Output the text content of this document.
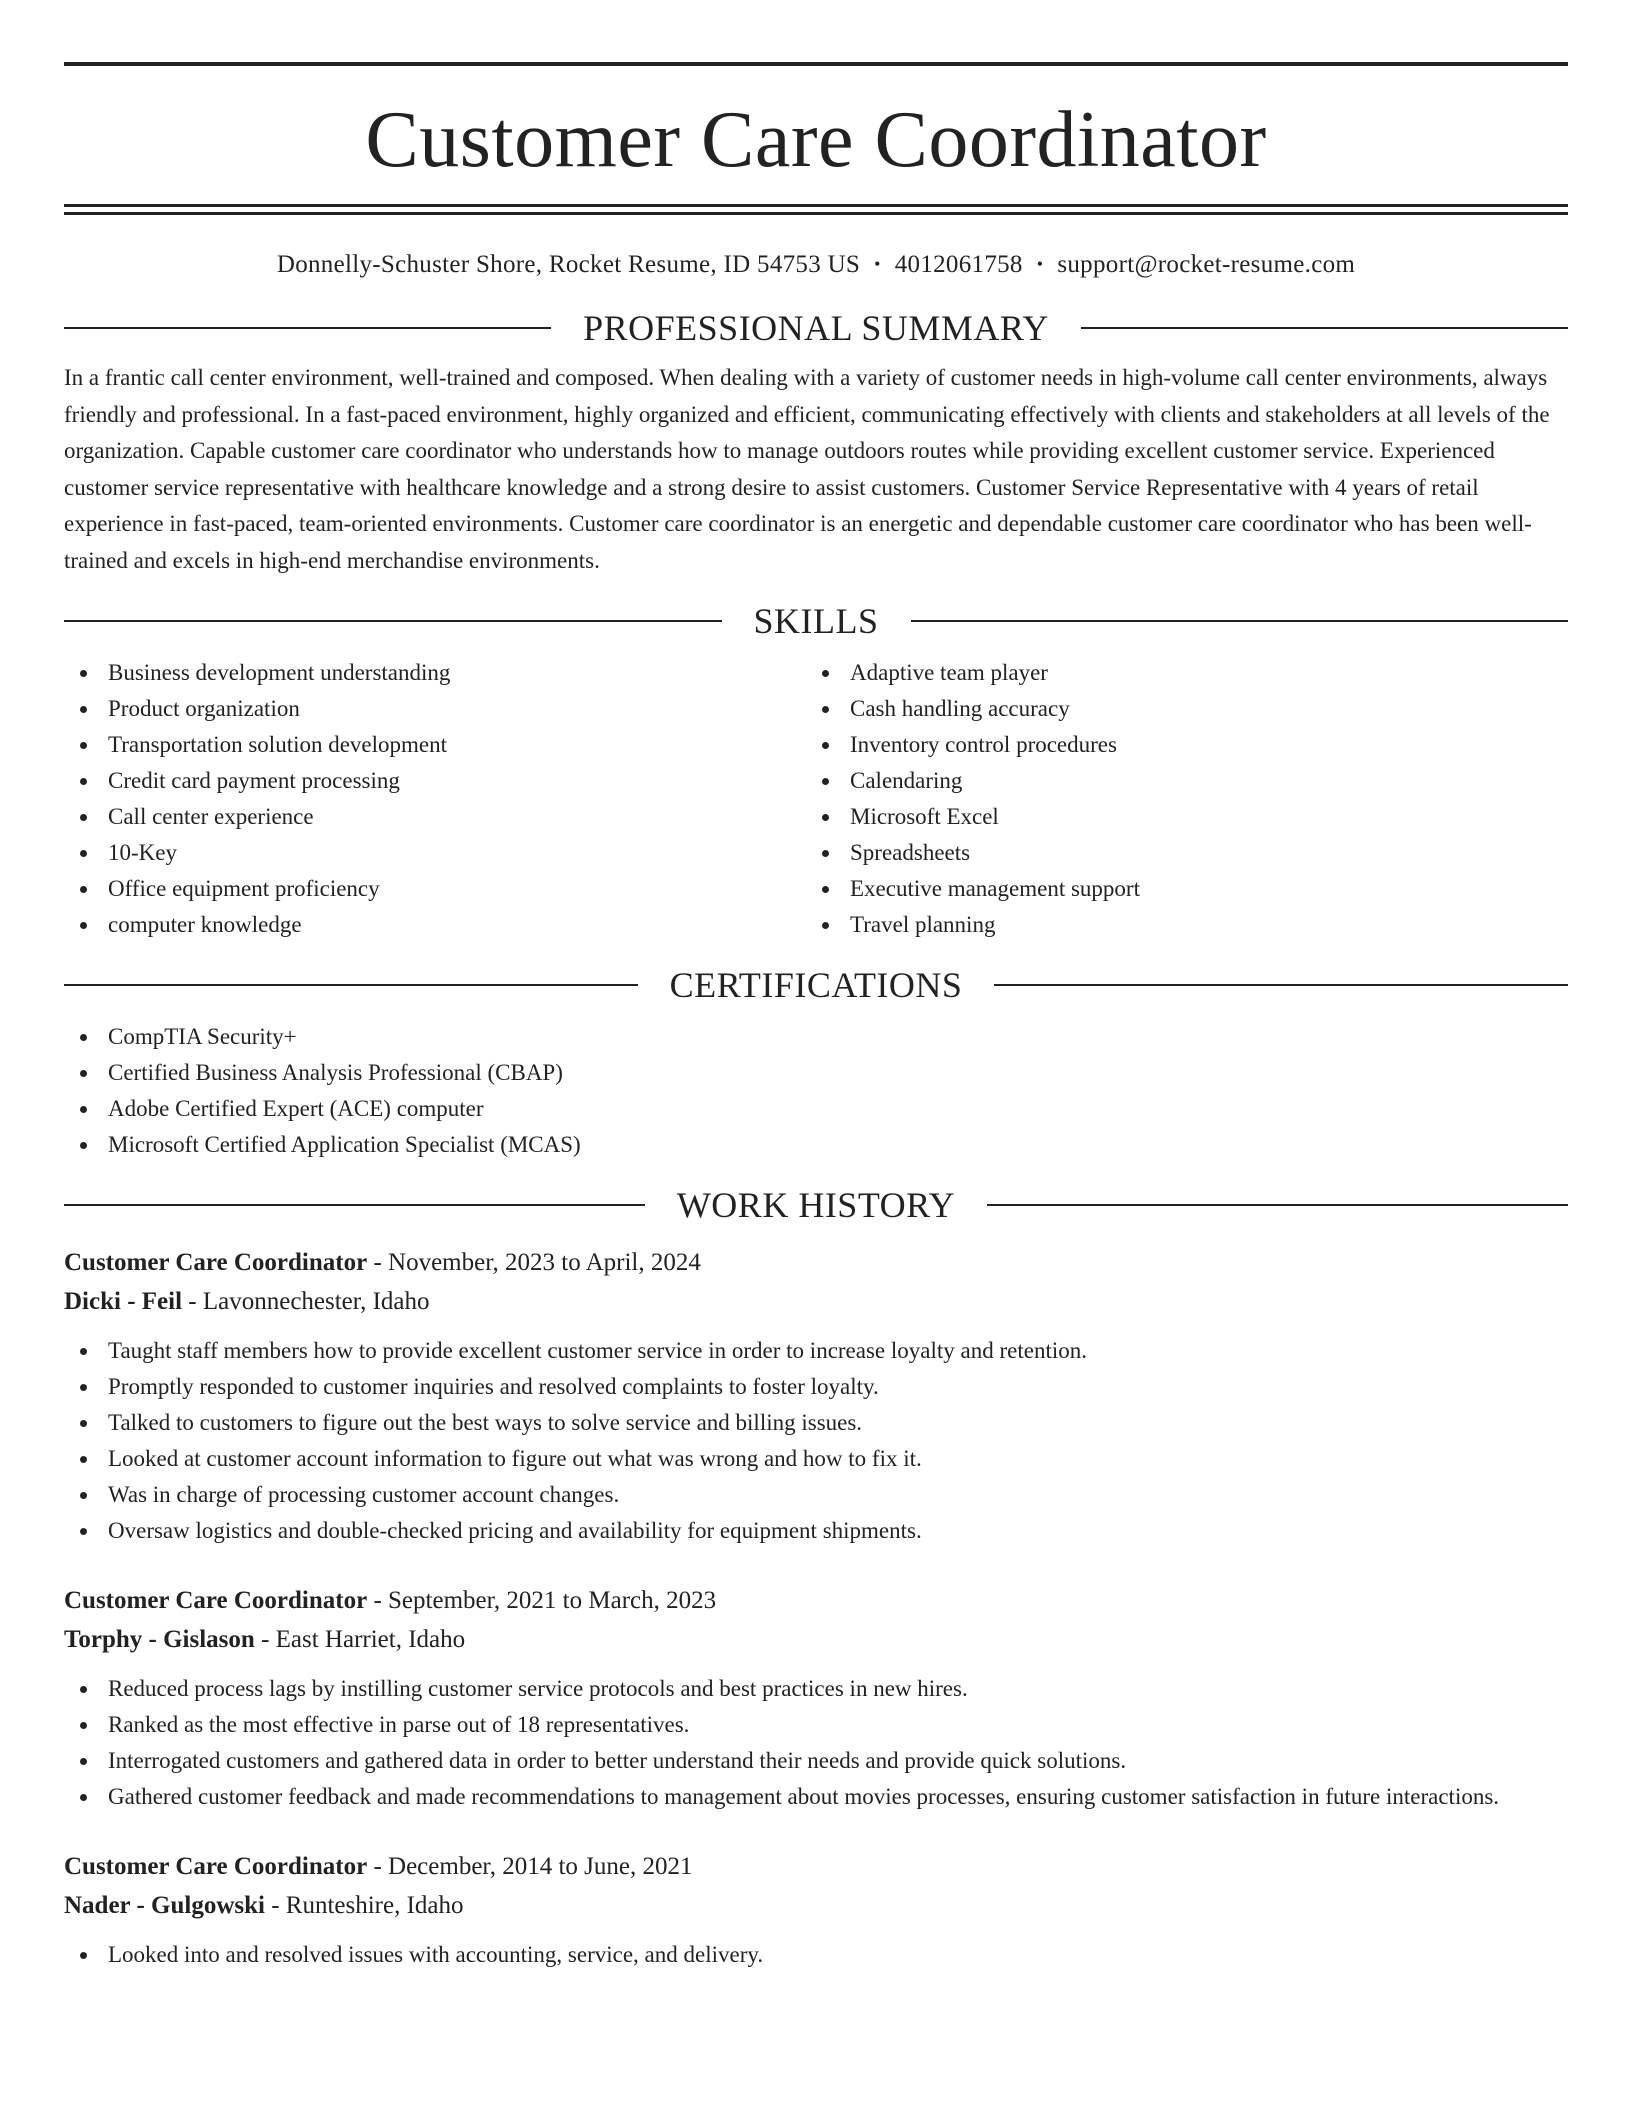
Customer Care Coordinator
Donnelly-Schuster Shore, Rocket Resume, ID 54753 US • 4012061758 • support@rocket-resume.com
PROFESSIONAL SUMMARY

In a frantic call center environment, well-trained and composed. When dealing with a variety of customer needs in high-volume call center environments, always friendly and professional. In a fast-paced environment, highly organized and efficient, communicating effectively with clients and stakeholders at all levels of the organization. Capable customer care coordinator who understands how to manage outdoors routes while providing excellent customer service. Experienced customer service representative with healthcare knowledge and a strong desire to assist customers. Customer Service Representative with 4 years of retail experience in fast-paced, team-oriented environments. Customer care coordinator is an energetic and dependable customer care coordinator who has been well-trained and excels in high-end merchandise environments.

SKILLS
Business development understanding
Product organization
Transportation solution development
Credit card payment processing
Call center experience
10-Key
Office equipment proficiency
computer knowledge
Adaptive team player
Cash handling accuracy
Inventory control procedures
Calendaring
Microsoft Excel
Spreadsheets
Executive management support
Travel planning
CERTIFICATIONS
CompTIA Security+
Certified Business Analysis Professional (CBAP)
Adobe Certified Expert (ACE) computer
Microsoft Certified Application Specialist (MCAS)
WORK HISTORY
Customer Care Coordinator - November, 2023 to April, 2024
Dicki - Feil - Lavonnechester, Idaho
Taught staff members how to provide excellent customer service in order to increase loyalty and retention.
Promptly responded to customer inquiries and resolved complaints to foster loyalty.
Talked to customers to figure out the best ways to solve service and billing issues.
Looked at customer account information to figure out what was wrong and how to fix it.
Was in charge of processing customer account changes.
Oversaw logistics and double-checked pricing and availability for equipment shipments.
Customer Care Coordinator - September, 2021 to March, 2023
Torphy - Gislason - East Harriet, Idaho
Reduced process lags by instilling customer service protocols and best practices in new hires.
Ranked as the most effective in parse out of 18 representatives.
Interrogated customers and gathered data in order to better understand their needs and provide quick solutions.
Gathered customer feedback and made recommendations to management about movies processes, ensuring customer satisfaction in future interactions.
Customer Care Coordinator - December, 2014 to June, 2021
Nader - Gulgowski - Runteshire, Idaho
Looked into and resolved issues with accounting, service, and delivery.
